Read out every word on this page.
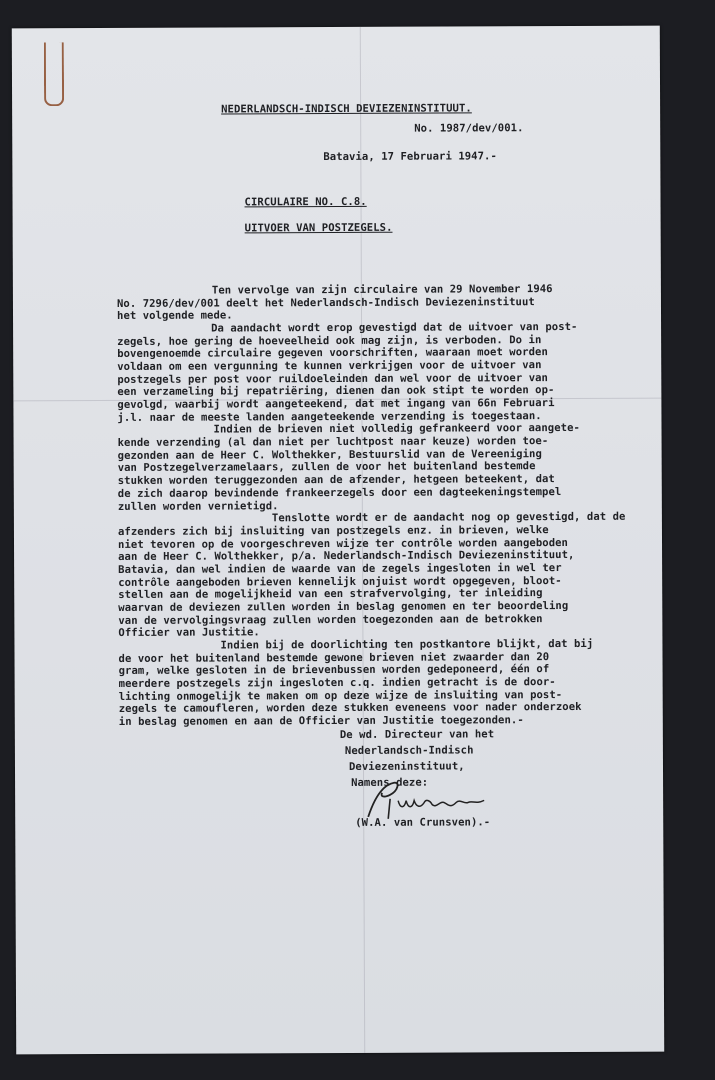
NEDERLANDSCH-INDISCH DEVIEZENINSTITUUT.
No. 1987/dev/001.
Batavia, 17 Februari 1947.-
CIRCULAIRE NO. C.8.
UITVOER VAN POSTZEGELS.
Ten vervolge van zijn circulaire van 29 November 1946
No. 7296/dev/001 deelt het Nederlandsch-Indisch Deviezeninstituut
het volgende mede.
Da aandacht wordt erop gevestigd dat de uitvoer van post-
zegels, hoe gering de hoeveelheid ook mag zijn, is verboden. Do in
bovengenoemde circulaire gegeven voorschriften, waaraan moet worden
voldaan om een vergunning te kunnen verkrijgen voor de uitvoer van
postzegels per post voor ruildoeleinden dan wel voor de uitvoer van
een verzameling bij repatriëring, dienen dan ook stipt te worden op-
gevolgd, waarbij wordt aangeteekend, dat met ingang van 66n Februari
j.l. naar de meeste landen aangeteekende verzending is toegestaan.
Indien de brieven niet volledig gefrankeerd voor aangete-
kende verzending (al dan niet per luchtpost naar keuze) worden toe-
gezonden aan de Heer C. Wolthekker, Bestuurslid van de Vereeniging
van Postzegelverzamelaars, zullen de voor het buitenland bestemde
stukken worden teruggezonden aan de afzender, hetgeen beteekent, dat
de zich daarop bevindende frankeerzegels door een dagteekeningstempel
zullen worden vernietigd.
Tenslotte wordt er de aandacht nog op gevestigd, dat de
afzenders zich bij insluiting van postzegels enz. in brieven, welke
niet tevoren op de voorgeschreven wijze ter contrôle worden aangeboden
aan de Heer C. Wolthekker, p/a. Nederlandsch-Indisch Deviezeninstituut,
Batavia, dan wel indien de waarde van de zegels ingesloten in wel ter
contrôle aangeboden brieven kennelijk onjuist wordt opgegeven, bloot-
stellen aan de mogelijkheid van een strafvervolging, ter inleiding
waarvan de deviezen zullen worden in beslag genomen en ter beoordeling
van de vervolgingsvraag zullen worden toegezonden aan de betrokken
Officier van Justitie.
Indien bij de doorlichting ten postkantore blijkt, dat bij
de voor het buitenland bestemde gewone brieven niet zwaarder dan 20
gram, welke gesloten in de brievenbussen worden gedeponeerd, één of
meerdere postzegels zijn ingesloten c.q. indien getracht is de door-
lichting onmogelijk te maken om op deze wijze de insluiting van post-
zegels te camoufleren, worden deze stukken eveneens voor nader onderzoek
in beslag genomen en aan de Officier van Justitie toegezonden.-
De wd. Directeur van het
Nederlandsch-Indisch
Deviezeninstituut,
Namens deze:
(W.A. van Crunsven).-
